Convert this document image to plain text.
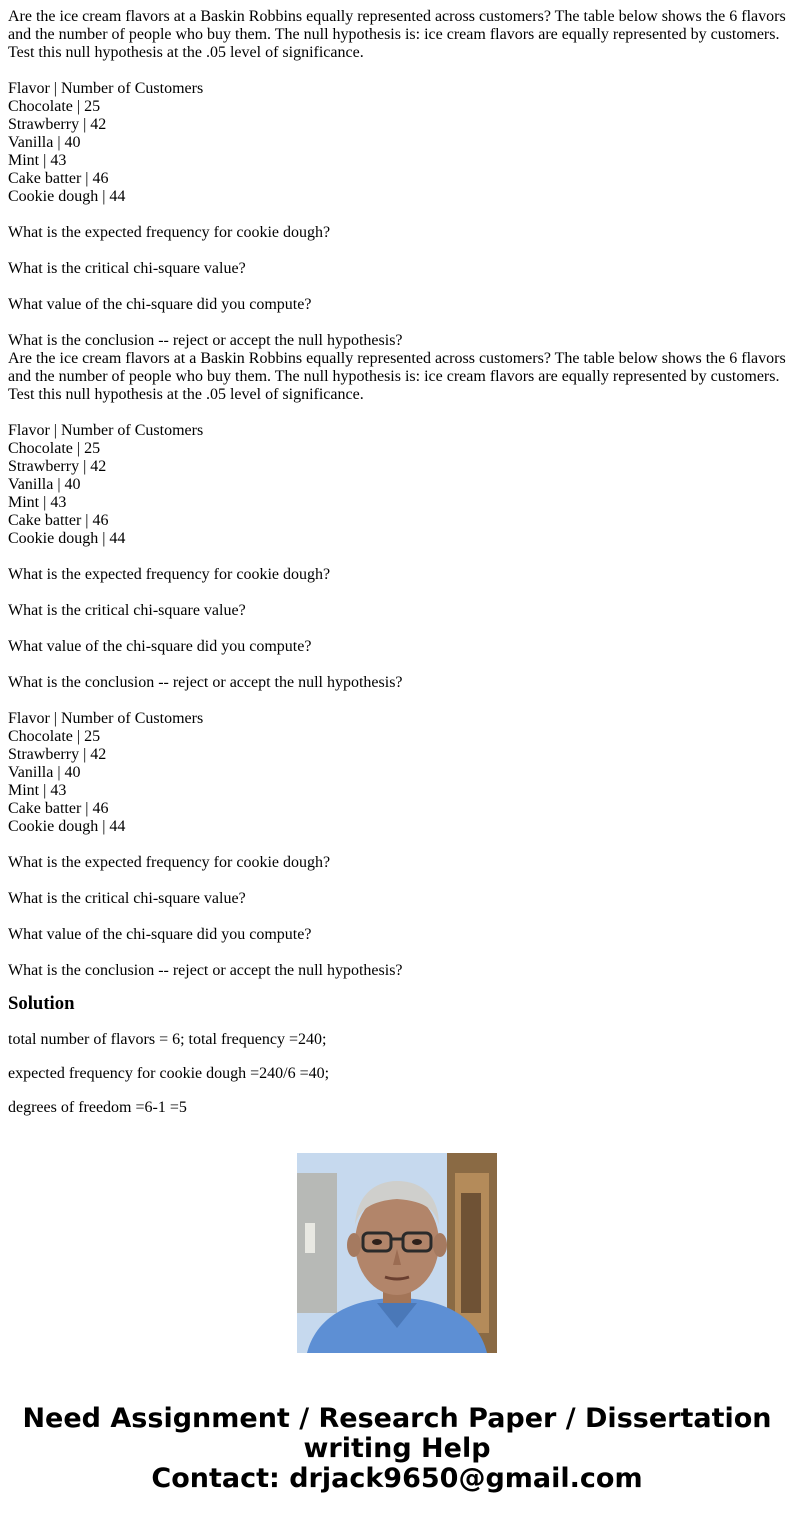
Are the ice cream flavors at a Baskin Robbins equally represented across customers? The table below shows the 6 flavors and the number of people who buy them. The null hypothesis is: ice cream flavors are equally represented by customers. Test this null hypothesis at the .05 level of significance.

Flavor | Number of Customers

Chocolate | 25

Strawberry | 42

Vanilla | 40

Mint | 43

Cake batter | 46

Cookie dough | 44

What is the expected frequency for cookie dough?

What is the critical chi-square value?

What value of the chi-square did you compute?

What is the conclusion -- reject or accept the null hypothesis?

Are the ice cream flavors at a Baskin Robbins equally represented across customers? The table below shows the 6 flavors and the number of people who buy them. The null hypothesis is: ice cream flavors are equally represented by customers. Test this null hypothesis at the .05 level of significance.

Flavor | Number of Customers

Chocolate | 25

Strawberry | 42

Vanilla | 40

Mint | 43

Cake batter | 46

Cookie dough | 44

What is the expected frequency for cookie dough?

What is the critical chi-square value?

What value of the chi-square did you compute?

What is the conclusion -- reject or accept the null hypothesis?

Flavor | Number of Customers

Chocolate | 25

Strawberry | 42

Vanilla | 40

Mint | 43

Cake batter | 46

Cookie dough | 44

What is the expected frequency for cookie dough?

What is the critical chi-square value?

What value of the chi-square did you compute?

What is the conclusion -- reject or accept the null hypothesis?

Solution

total number of flavors = 6; total frequency =240;

expected frequency for cookie dough =240/6 =40;

degrees of freedom =6-1 =5

Need Assignment / Research Paper / Dissertation
writing Help
Contact: drjack9650@gmail.com
